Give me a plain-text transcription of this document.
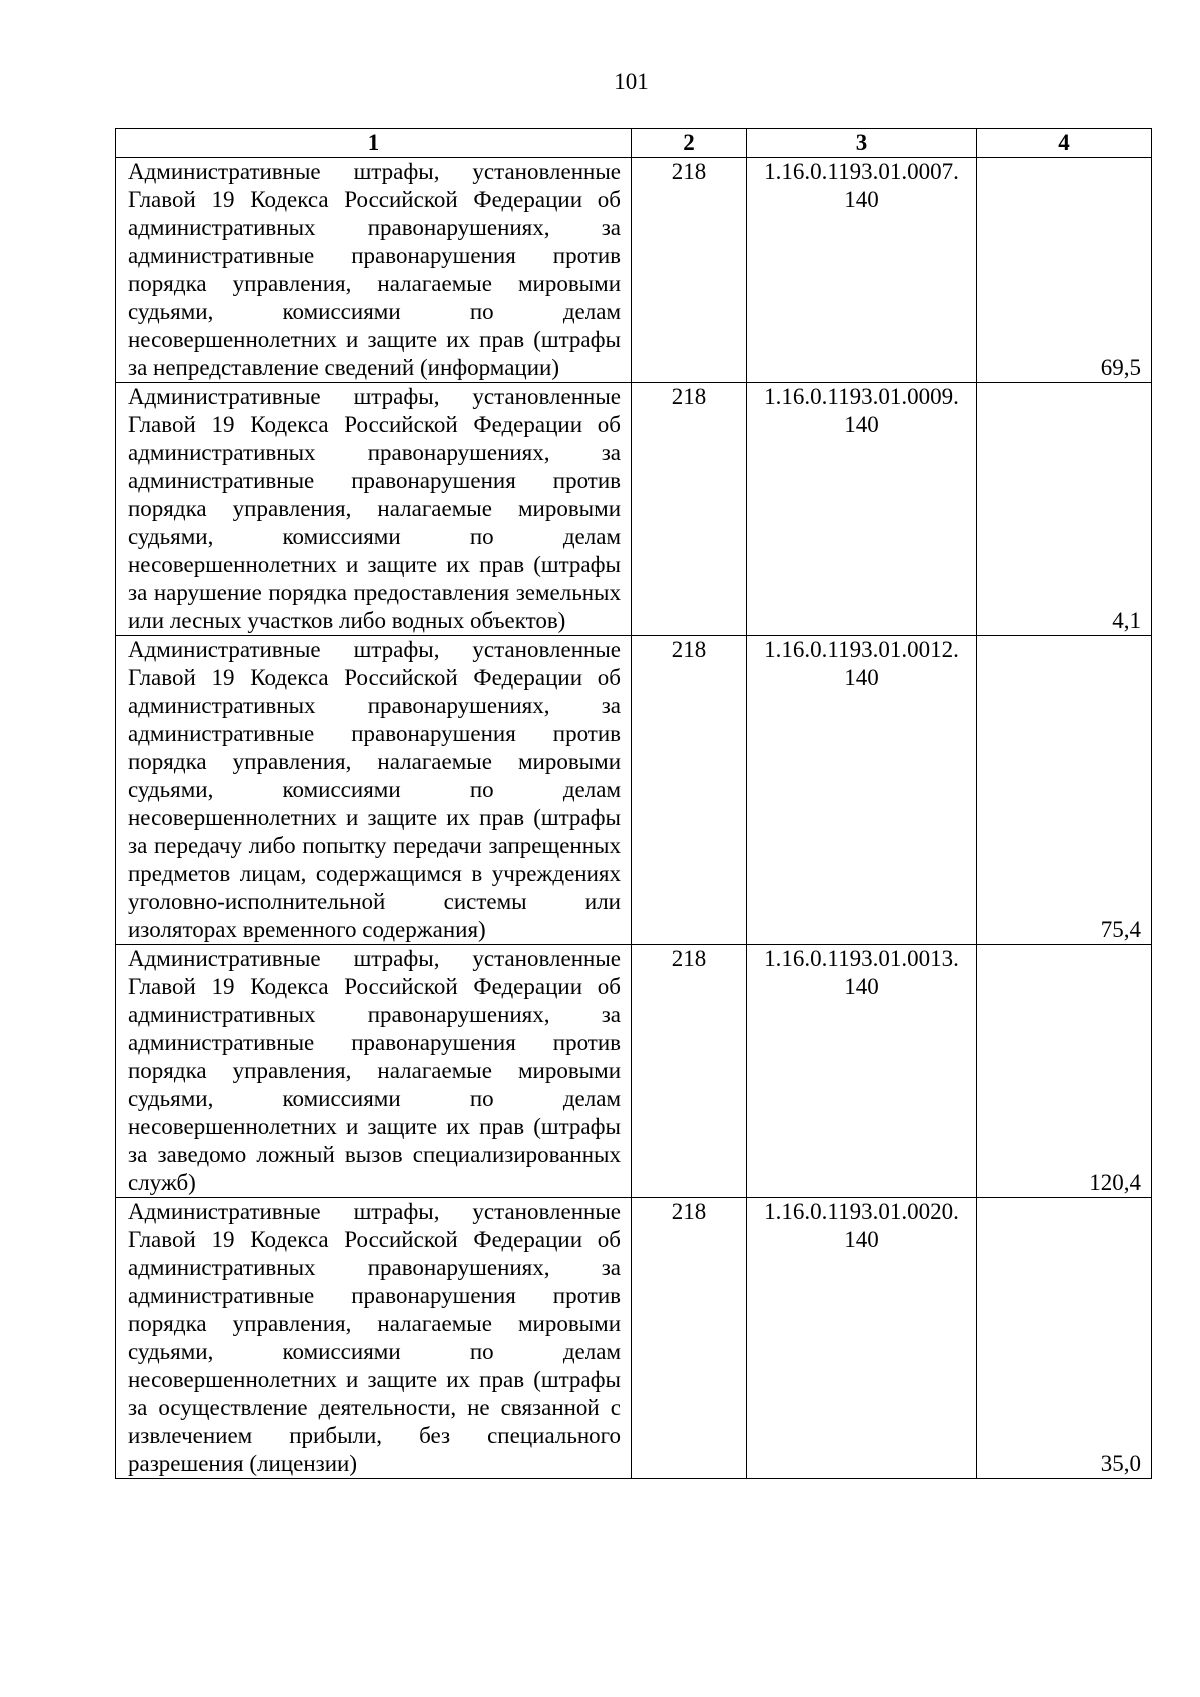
101
1	2	3	4
Административные штрафы, установленные Главой 19 Кодекса Российской Федерации об административных правонарушениях, за административные правонарушения против порядка управления, налагаемые мировыми судьями, комиссиями по делам несовершеннолетних и защите их прав (штрафы за непредставление сведений (информации)	218	1.16.0.1193.01.0007. 140	69,5
Административные штрафы, установленные Главой 19 Кодекса Российской Федерации об административных правонарушениях, за административные правонарушения против порядка управления, налагаемые мировыми судьями, комиссиями по делам несовершеннолетних и защите их прав (штрафы за нарушение порядка предоставления земельных или лесных участков либо водных объектов)	218	1.16.0.1193.01.0009. 140	4,1
Административные штрафы, установленные Главой 19 Кодекса Российской Федерации об административных правонарушениях, за административные правонарушения против порядка управления, налагаемые мировыми судьями, комиссиями по делам несовершеннолетних и защите их прав (штрафы за передачу либо попытку передачи запрещенных предметов лицам, содержащимся в учреждениях уголовно-исполнительной системы или изоляторах временного содержания)	218	1.16.0.1193.01.0012. 140	75,4
Административные штрафы, установленные Главой 19 Кодекса Российской Федерации об административных правонарушениях, за административные правонарушения против порядка управления, налагаемые мировыми судьями, комиссиями по делам несовершеннолетних и защите их прав (штрафы за заведомо ложный вызов специализированных служб)	218	1.16.0.1193.01.0013. 140	120,4
Административные штрафы, установленные Главой 19 Кодекса Российской Федерации об административных правонарушениях, за административные правонарушения против порядка управления, налагаемые мировыми судьями, комиссиями по делам несовершеннолетних и защите их прав (штрафы за осуществление деятельности, не связанной с извлечением прибыли, без специального разрешения (лицензии)	218	1.16.0.1193.01.0020. 140	35,0
